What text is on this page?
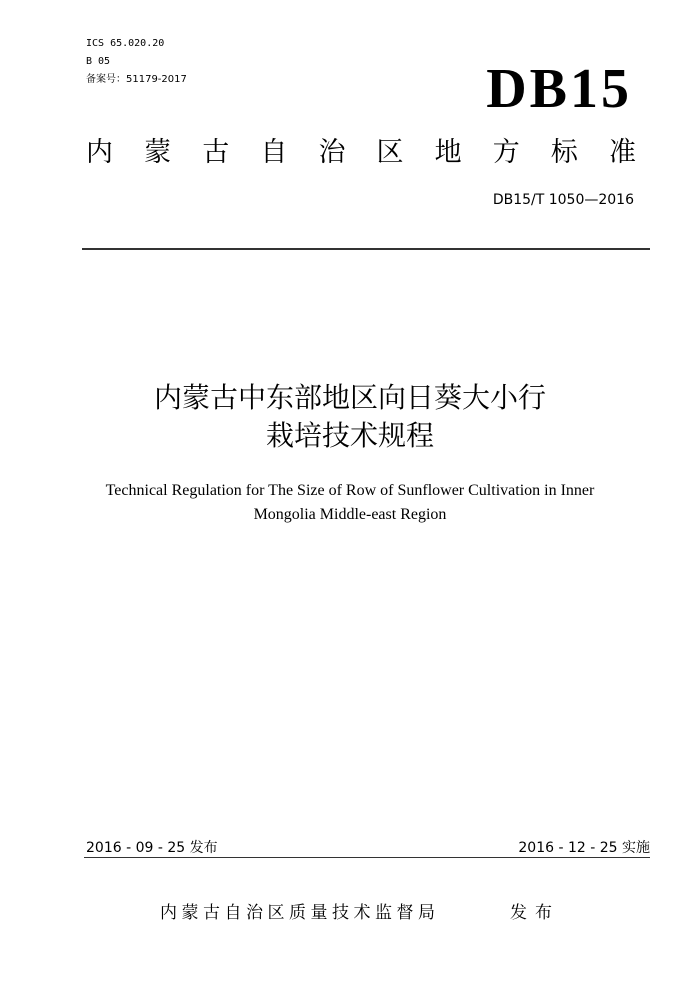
ICS 65.020.20
B 05
备案号：51179-2017	DB15
内 蒙 古 自 治 区 地 方 标 准
DB15/T 1050—2016
内蒙古中东部地区向日葵大小行
栽培技术规程
Technical Regulation for The Size of Row of Sunflower Cultivation in Inner
Mongolia Middle-east Region
2016 - 09 - 25 发布	2016 - 12 - 25 实施
内蒙古自治区质量技术监督局	发布
